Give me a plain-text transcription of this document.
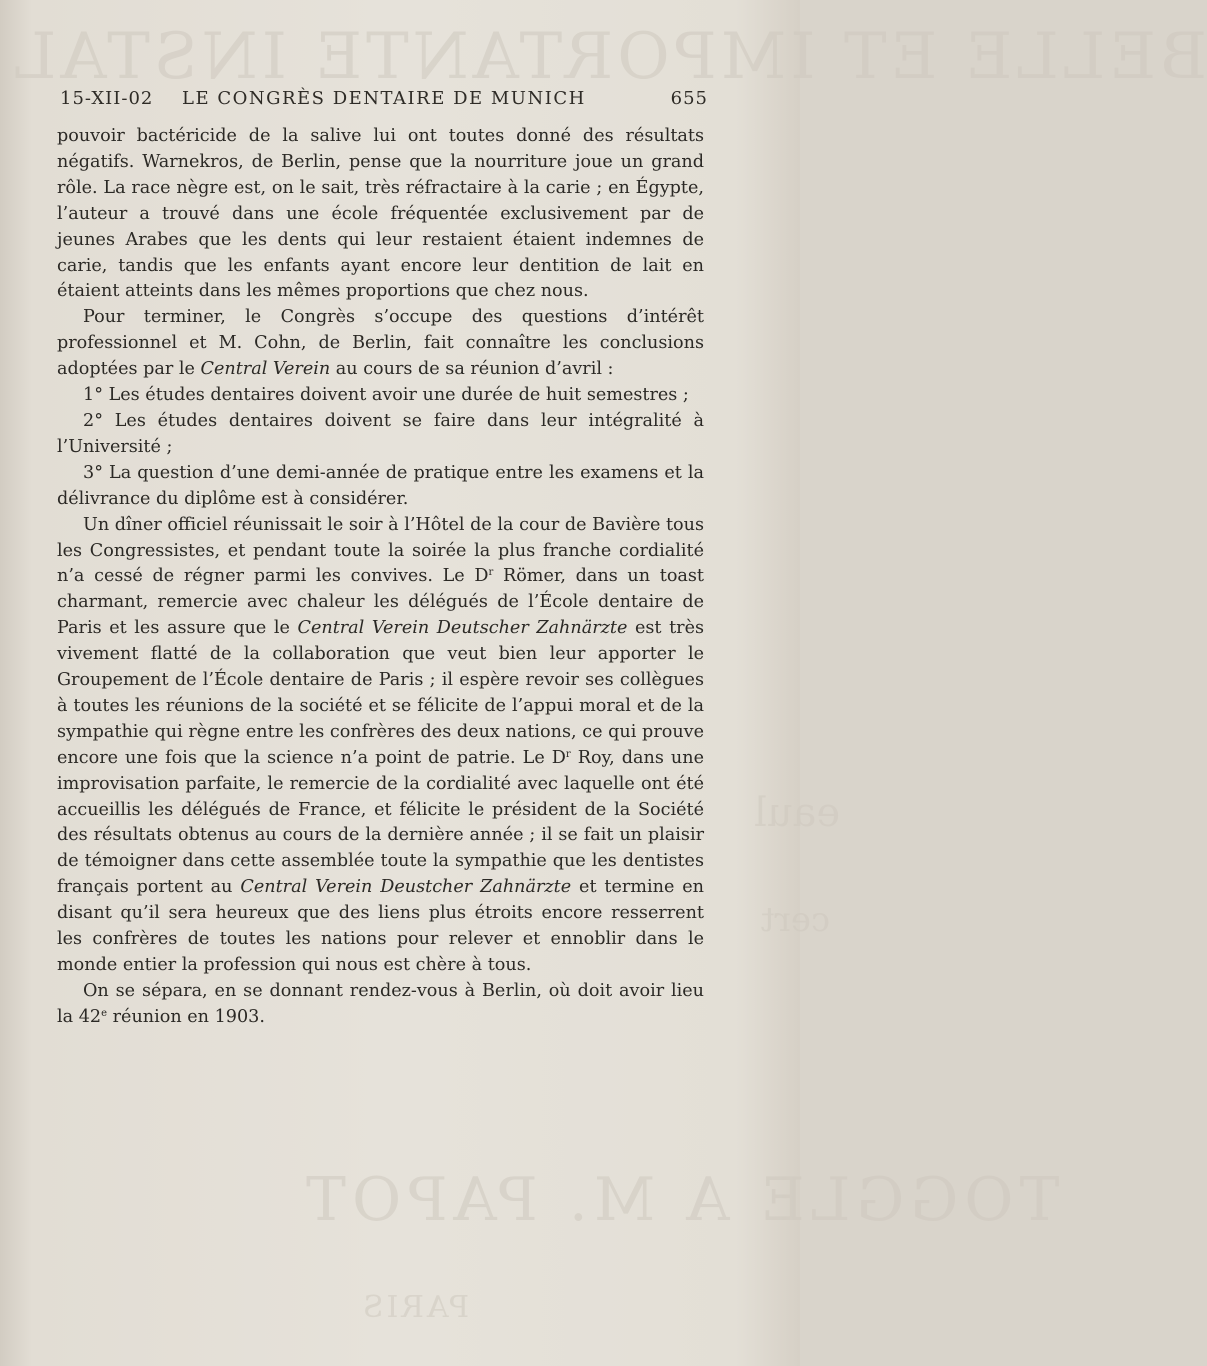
BELLE ET IMPORTANTE INSTAL
eaul
cert
TOGGLE A M. PAPOT
PARIS
15-XII-02 LE CONGRÈS DENTAIRE DE MUNICH	655

pouvoir bactéricide de la salive lui ont toutes donné des résultats négatifs. Warnekros, de Berlin, pense que la nourriture joue un grand rôle. La race nègre est, on le sait, très réfractaire à la carie ; en Égypte, l’auteur a trouvé dans une école fréquentée exclusivement par de jeunes Arabes que les dents qui leur restaient étaient indemnes de carie, tandis que les enfants ayant encore leur dentition de lait en étaient atteints dans les mêmes proportions que chez nous.

Pour terminer, le Congrès s’occupe des questions d’intérêt professionnel et M. Cohn, de Berlin, fait connaître les conclusions adoptées par le Central Verein au cours de sa réunion d’avril :

1° Les études dentaires doivent avoir une durée de huit semestres ;

2° Les études dentaires doivent se faire dans leur intégralité à l’Université ;

3° La question d’une demi-année de pratique entre les examens et la délivrance du diplôme est à considérer.

Un dîner officiel réunissait le soir à l’Hôtel de la cour de Bavière tous les Congressistes, et pendant toute la soirée la plus franche cordialité n’a cessé de régner parmi les convives. Le $D^r$ Römer, dans un toast charmant, remercie avec chaleur les délégués de l’École dentaire de Paris et les assure que le Central Verein Deutscher Zahnärzte est très vivement flatté de la collaboration que veut bien leur apporter le Groupement de l’École dentaire de Paris ; il espère revoir ses collègues à toutes les réunions de la société et se félicite de l’appui moral et de la sympathie qui règne entre les confrères des deux nations, ce qui prouve encore une fois que la science n’a point de patrie. Le $D^r$ Roy, dans une improvisation parfaite, le remercie de la cordialité avec laquelle ont été accueillis les délégués de France, et félicite le président de la Société des résultats obtenus au cours de la dernière année ; il se fait un plaisir de témoigner dans cette assemblée toute la sympathie que les dentistes français portent au Central Verein Deustcher Zahnärzte et termine en disant qu’il sera heureux que des liens plus étroits encore resserrent les confrères de toutes les nations pour relever et ennoblir dans le monde entier la profession qui nous est chère à tous.

On se sépara, en se donnant rendez-vous à Berlin, où doit avoir lieu la 42e réunion en 1903.
